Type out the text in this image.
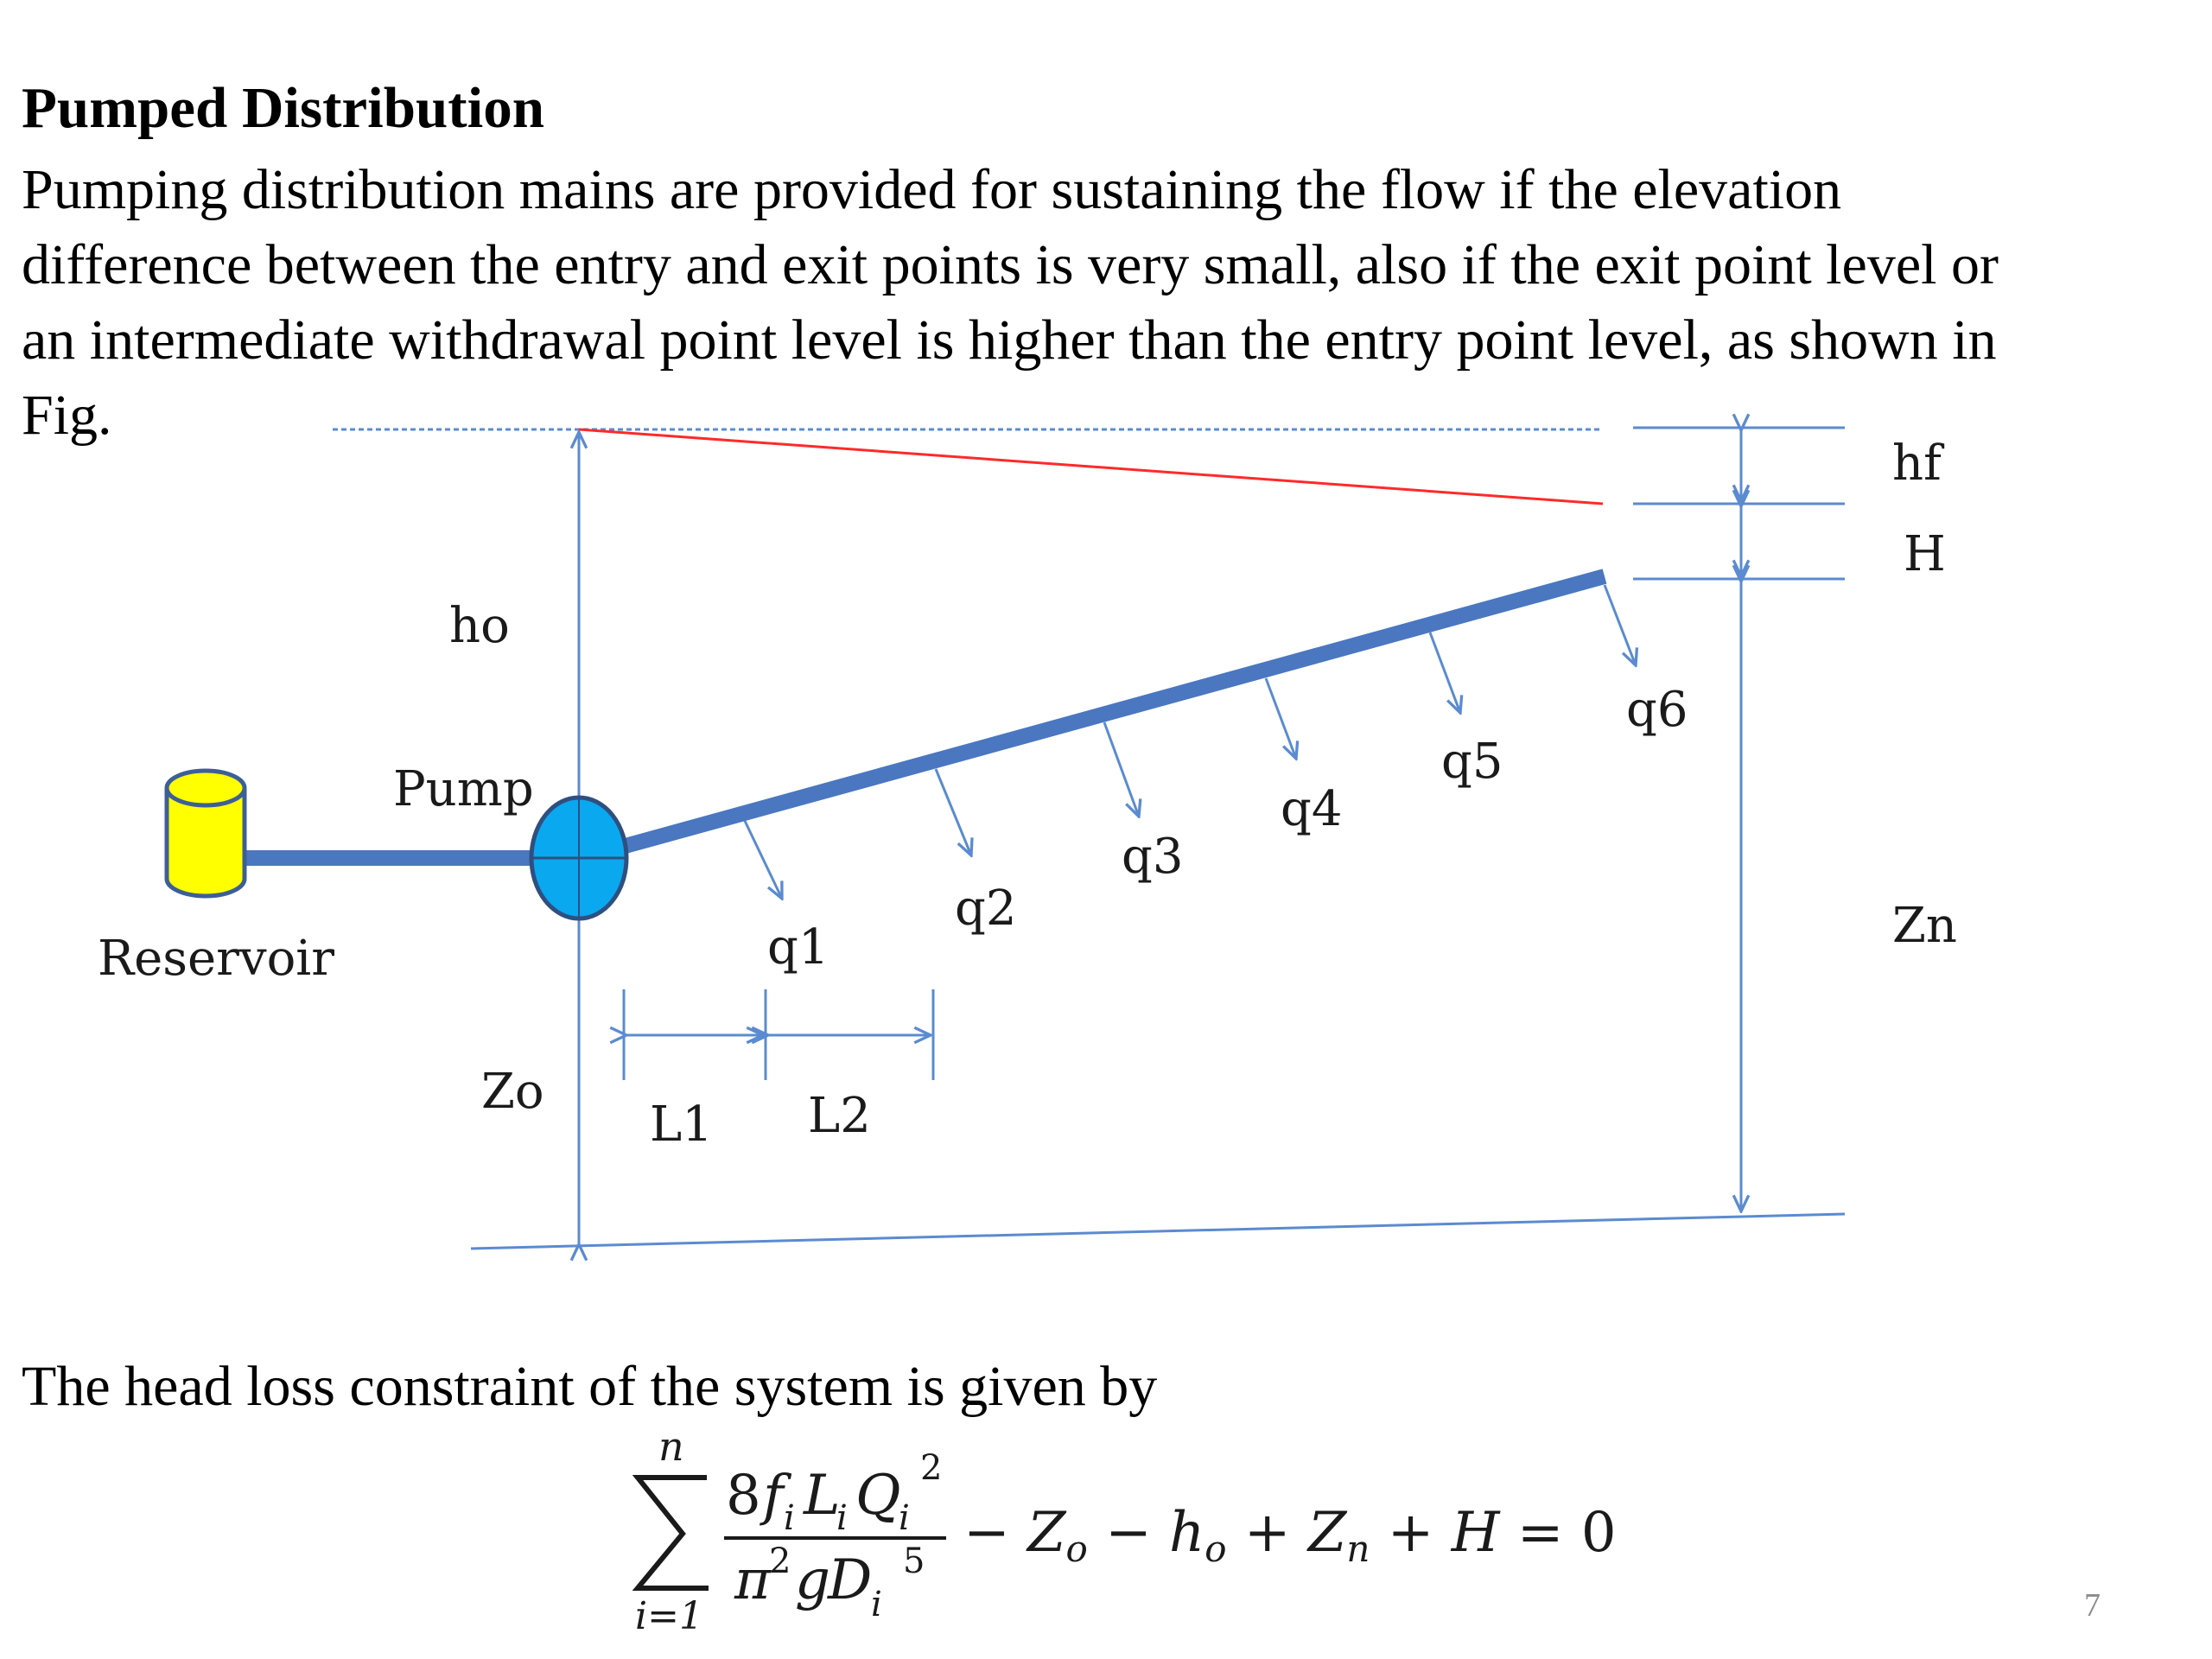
Pumped Distribution

Pumping distribution mains are provided for sustaining the flow if the elevation
difference between the entry and exit points is very small, also if the exit point level or
an intermediate withdrawal point level is higher than the entry point level, as shown in
Fig.

ho
Pump
Reservoir
Zo
L1 L2
hf
H
Zn
q1
q2
q3
q4
q5
q6

The head loss constraint of the system is given by

n
i=1
8 f i L
i Q
i
2
π
2 g
D
i
5 − Zo − ho + Zn + H = 0
7
